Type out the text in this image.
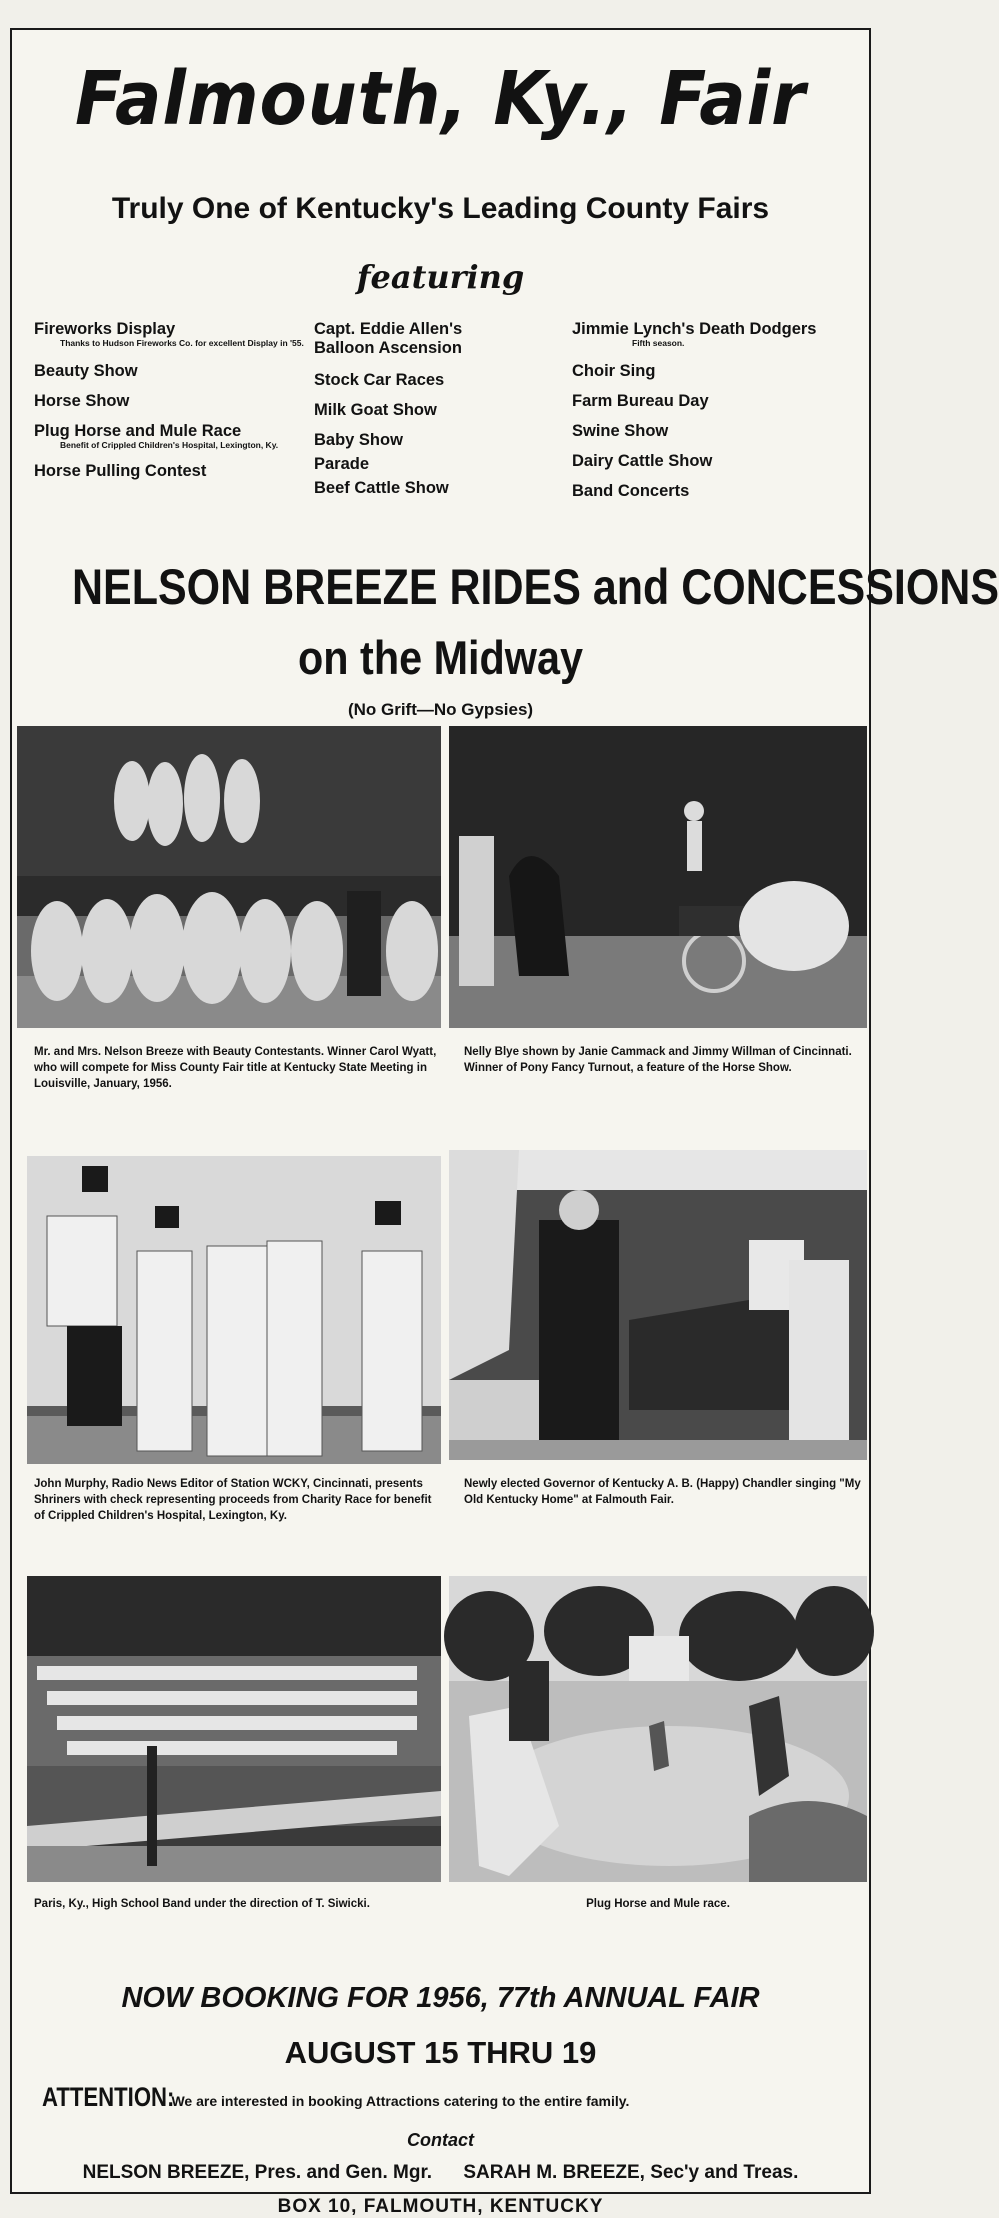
Falmouth, Ky., Fair
Truly One of Kentucky's Leading County Fairs
featuring
Fireworks Display
Thanks to Hudson Fireworks Co. for excellent Display in '55.
Beauty Show
Horse Show
Plug Horse and Mule Race
Benefit of Crippled Children's Hospital, Lexington, Ky.
Horse Pulling Contest
Capt. Eddie Allen's Balloon Ascension
Stock Car Races
Milk Goat Show
Baby Show
Parade
Beef Cattle Show
Jimmie Lynch's Death Dodgers
Fifth season.
Choir Sing
Farm Bureau Day
Swine Show
Dairy Cattle Show
Band Concerts
NELSON BREEZE RIDES and CONCESSIONS
on the Midway
(No Grift—No Gypsies)

Mr. and Mrs. Nelson Breeze with Beauty Contestants. Winner Carol Wyatt, who will compete for Miss County Fair title at Kentucky State Meeting in Louisville, January, 1956.

Nelly Blye shown by Janie Cammack and Jimmy Willman of Cincinnati. Winner of Pony Fancy Turnout, a feature of the Horse Show.

John Murphy, Radio News Editor of Station WCKY, Cincinnati, presents Shriners with check representing proceeds from Charity Race for benefit of Crippled Children's Hospital, Lexington, Ky.

Newly elected Governor of Kentucky A. B. (Happy) Chandler singing "My Old Kentucky Home" at Falmouth Fair.

Paris, Ky., High School Band under the direction of T. Siwicki.	Plug Horse and Mule race.

NOW BOOKING FOR 1956, 77th ANNUAL FAIR
AUGUST 15 THRU 19
ATTENTION: We are interested in booking Attractions catering to the entire family.
Contact
NELSON BREEZE, Pres. and Gen. Mgr. SARAH M. BREEZE, Sec'y and Treas.
BOX 10, FALMOUTH, KENTUCKY
